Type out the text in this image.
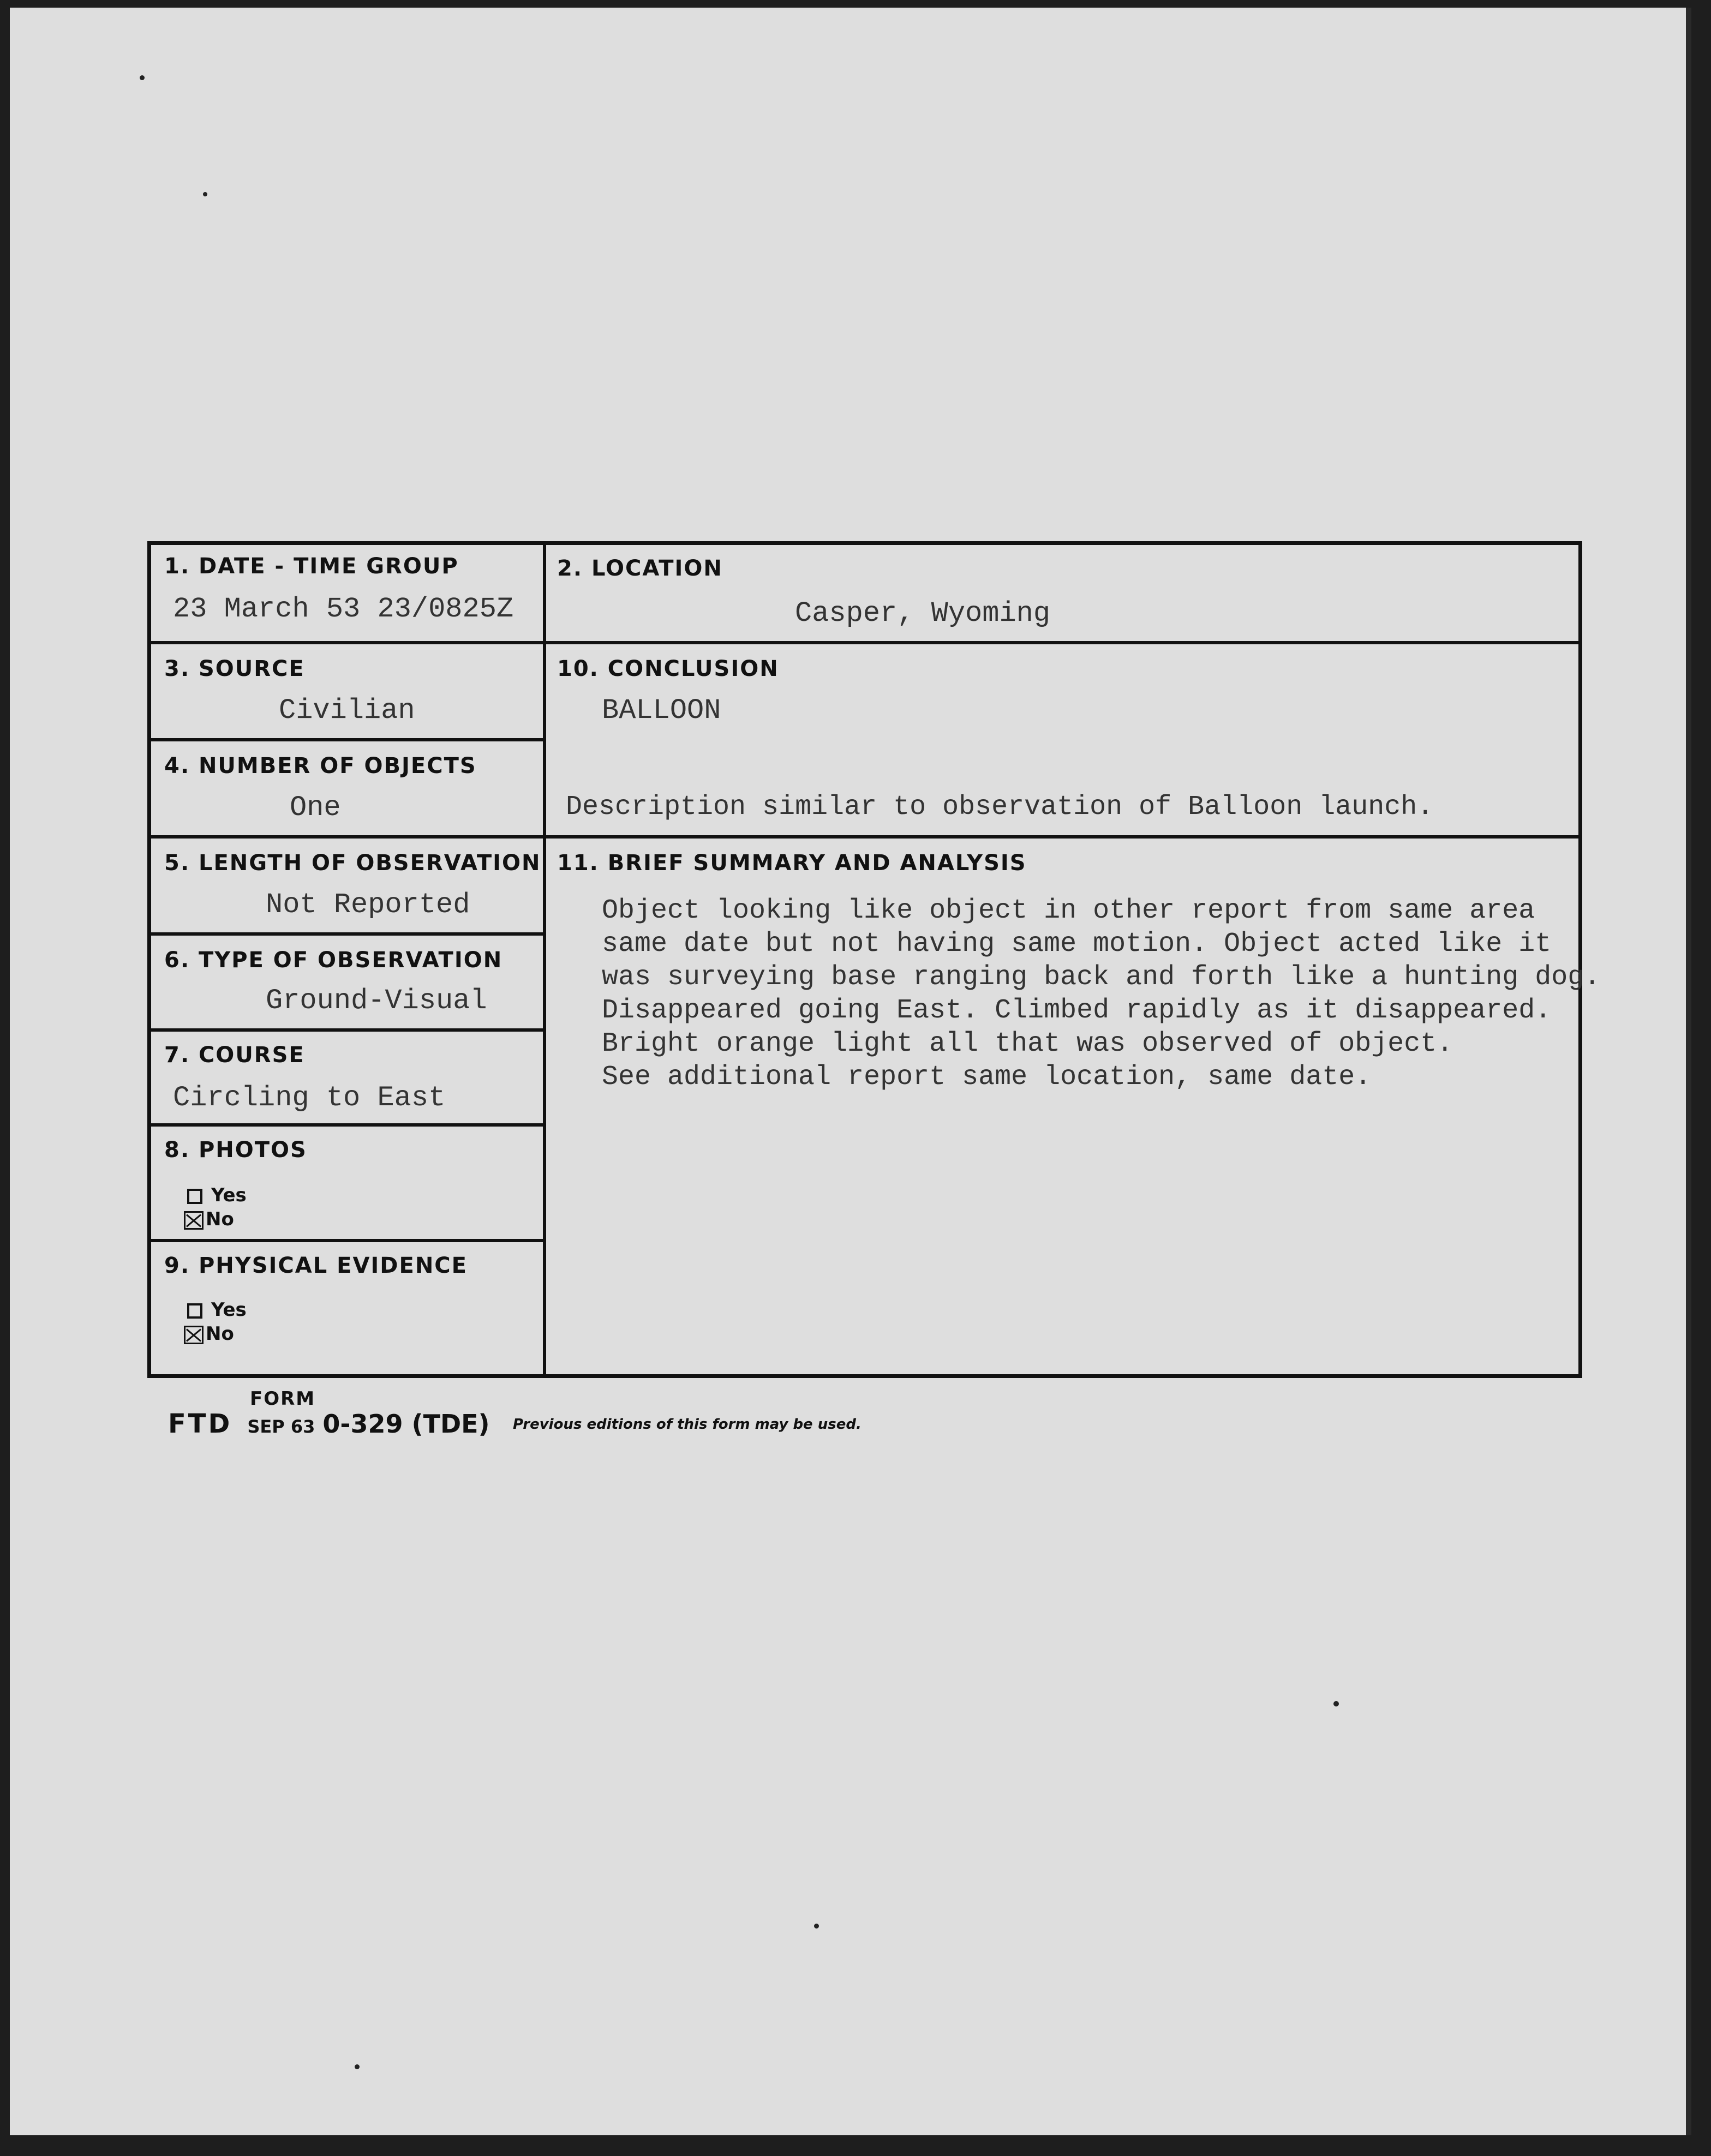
1. DATE - TIME GROUP
23 March 53 23/0825Z
2. LOCATION
Casper, Wyoming
3. SOURCE
Civilian
10. CONCLUSION
BALLOON
Description similar to observation of Balloon launch.
4. NUMBER OF OBJECTS
One
5. LENGTH OF OBSERVATION
Not Reported
11. BRIEF SUMMARY AND ANALYSIS
Object looking like object in other report from same area
same date but not having same motion. Object acted like it
was surveying base ranging back and forth like a hunting dog.
Disappeared going East. Climbed rapidly as it disappeared.
Bright orange light all that was observed of object.
See additional report same location, same date.
6. TYPE OF OBSERVATION
Ground-Visual
7. COURSE
Circling to East
8. PHOTOS
Yes
No
9. PHYSICAL EVIDENCE
Yes
No
FORM
FTD SEP 63 0-329 (TDE) Previous editions of this form may be used.
